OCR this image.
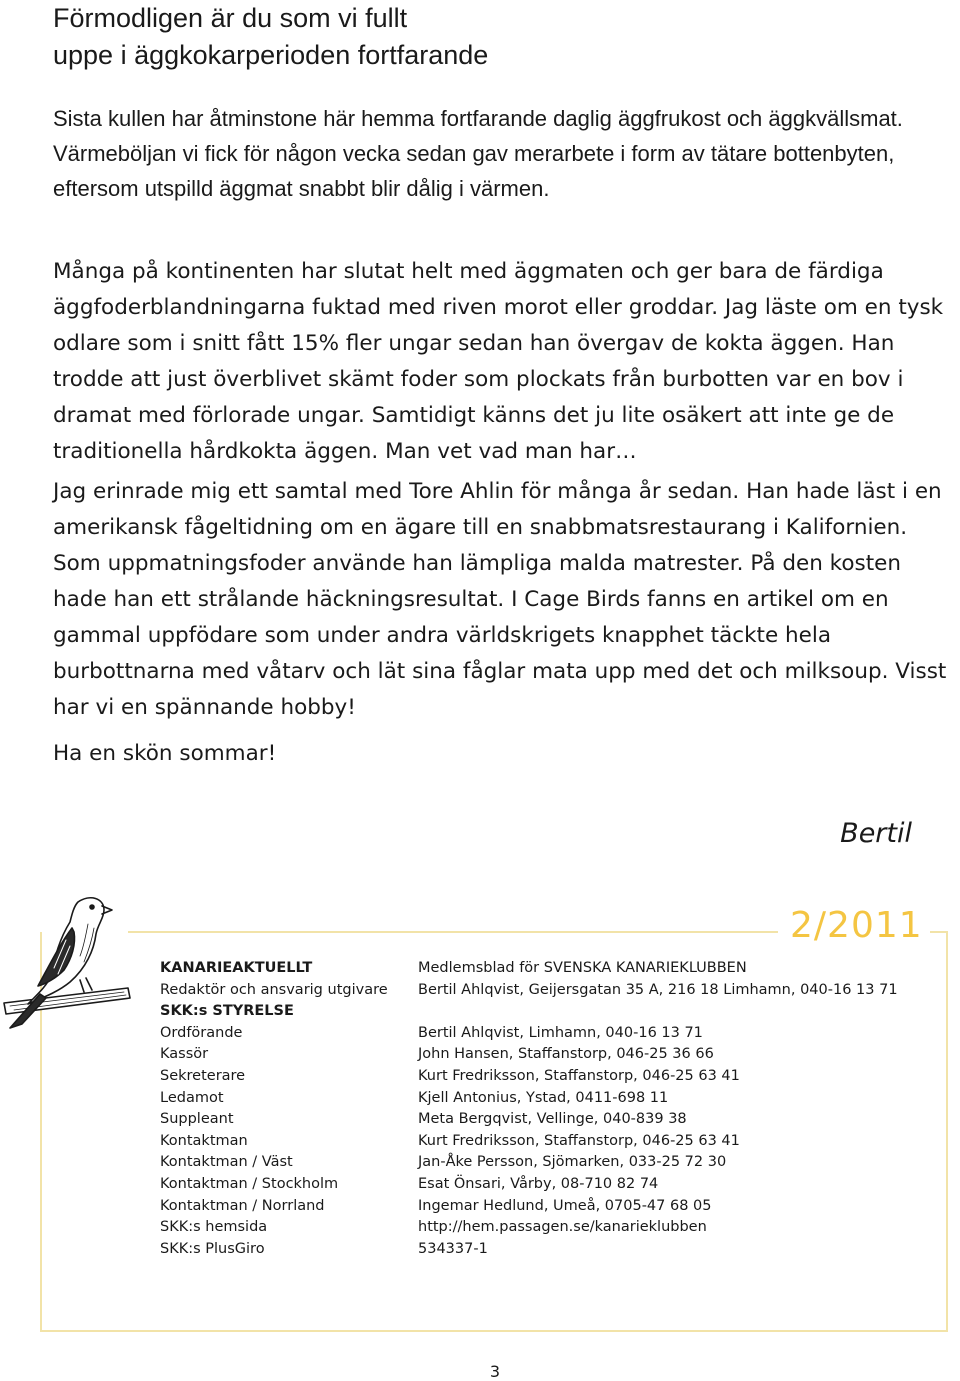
Förmodligen är du som vi fullt
uppe i äggkokarperioden fortfarande

Sista kullen har åtminstone här hemma fortfarande daglig äggfrukost och äggkvällsmat. Värmeböljan vi fick för någon vecka sedan gav merarbete i form av tätare bottenbyten, eftersom utspilld äggmat snabbt blir dålig i värmen.

Många på kontinenten har slutat helt med äggmaten och ger bara de färdiga äggfoderblandningarna fuktad med riven morot eller groddar. Jag läste om en tysk odlare som i snitt fått 15% fler ungar sedan han övergav de kokta äggen. Han trodde att just överblivet skämt foder som plockats från burbotten var en bov i dramat med förlorade ungar. Samtidigt känns det ju lite osäkert att inte ge de traditionella hårdkokta äggen. Man vet vad man har…

Jag erinrade mig ett samtal med Tore Ahlin för många år sedan. Han hade läst i en amerikansk fågeltidning om en ägare till en snabbmatsrestaurang i Kalifornien. Som uppmatningsfoder använde han lämpliga malda matrester. På den kosten hade han ett strålande häckningsresultat. I Cage Birds fanns en artikel om en gammal uppfödare som under andra världskrigets knapphet täckte hela burbottnarna med våtarv och lät sina fåglar mata upp med det och milksoup. Visst har vi en spännande hobby!

Ha en skön sommar!

Bertil
2/2011
KANARIEAKTUELLT	Medlemsblad för SVENSKA KANARIEKLUBBEN
Redaktör och ansvarig utgivare	Bertil Ahlqvist, Geijersgatan 35 A, 216 18 Limhamn, 040-16 13 71
SKK:s STYRELSE
Ordförande	Bertil Ahlqvist, Limhamn, 040-16 13 71
Kassör	John Hansen, Staffanstorp, 046-25 36 66
Sekreterare	Kurt Fredriksson, Staffanstorp, 046-25 63 41
Ledamot	Kjell Antonius, Ystad, 0411-698 11
Suppleant	Meta Bergqvist, Vellinge, 040-839 38
Kontaktman	Kurt Fredriksson, Staffanstorp, 046-25 63 41
Kontaktman / Väst	Jan-Åke Persson, Sjömarken, 033-25 72 30
Kontaktman / Stockholm	Esat Önsari, Vårby, 08-710 82 74
Kontaktman / Norrland	Ingemar Hedlund, Umeå, 0705-47 68 05
SKK:s hemsida	http://hem.passagen.se/kanarieklubben
SKK:s PlusGiro	534337-1
3
